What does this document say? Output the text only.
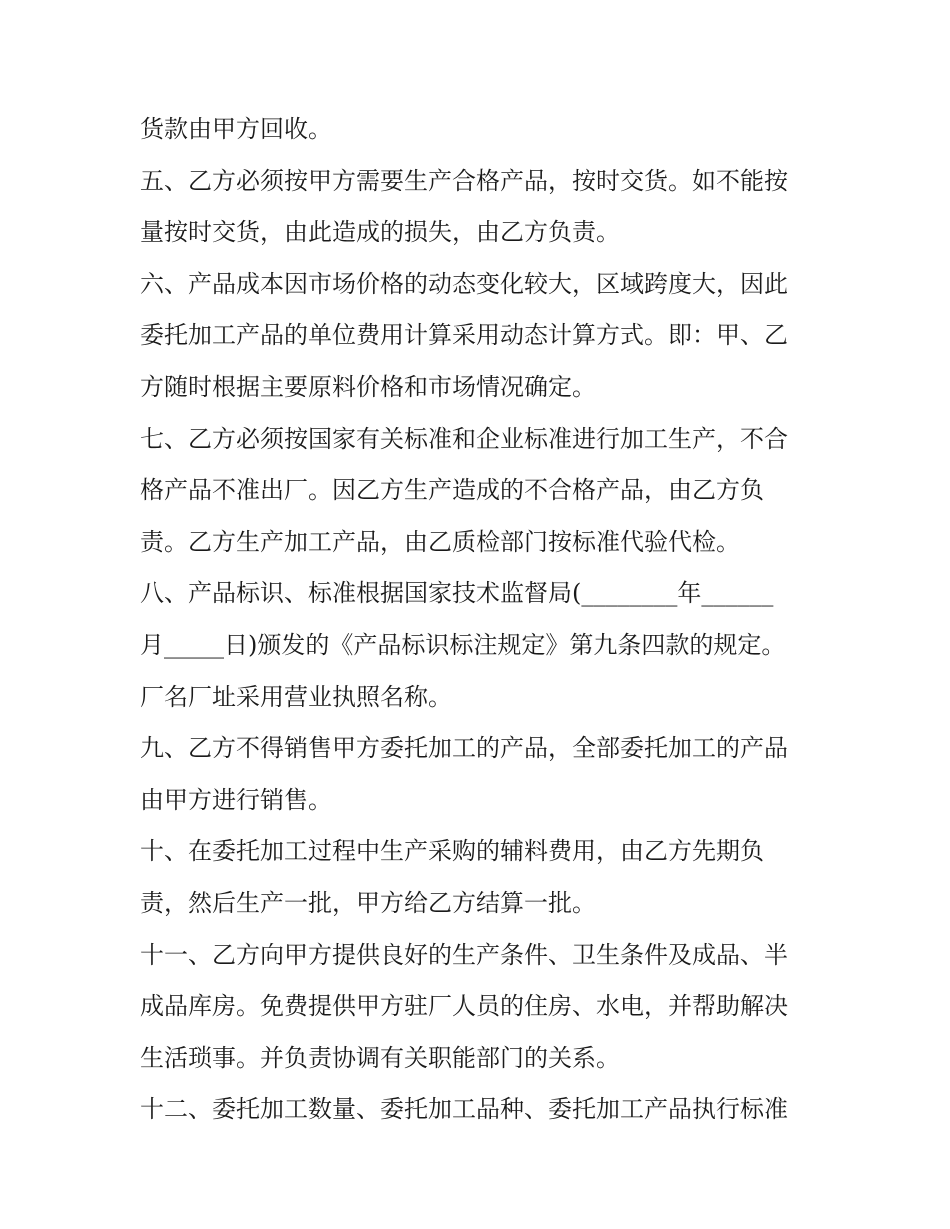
货款由甲方回收。
五、乙方必须按甲方需要生产合格产品，按时交货。如不能按
量按时交货，由此造成的损失，由乙方负责。
六、产品成本因市场价格的动态变化较大，区域跨度大，因此
委托加工产品的单位费用计算采用动态计算方式。即：甲、乙
方随时根据主要原料价格和市场情况确定。
七、乙方必须按国家有关标准和企业标准进行加工生产，不合
格产品不准出厂。因乙方生产造成的不合格产品，由乙方负
责。乙方生产加工产品，由乙质检部门按标准代验代检。
八、产品标识、标准根据国家技术监督局(________年______
月_____日)颁发的《产品标识标注规定》第九条四款的规定。
厂名厂址采用营业执照名称。
九、乙方不得销售甲方委托加工的产品，全部委托加工的产品
由甲方进行销售。
十、在委托加工过程中生产采购的辅料费用，由乙方先期负
责，然后生产一批，甲方给乙方结算一批。
十一、乙方向甲方提供良好的生产条件、卫生条件及成品、半
成品库房。免费提供甲方驻厂人员的住房、水电，并帮助解决
生活琐事。并负责协调有关职能部门的关系。
十二、委托加工数量、委托加工品种、委托加工产品执行标准
